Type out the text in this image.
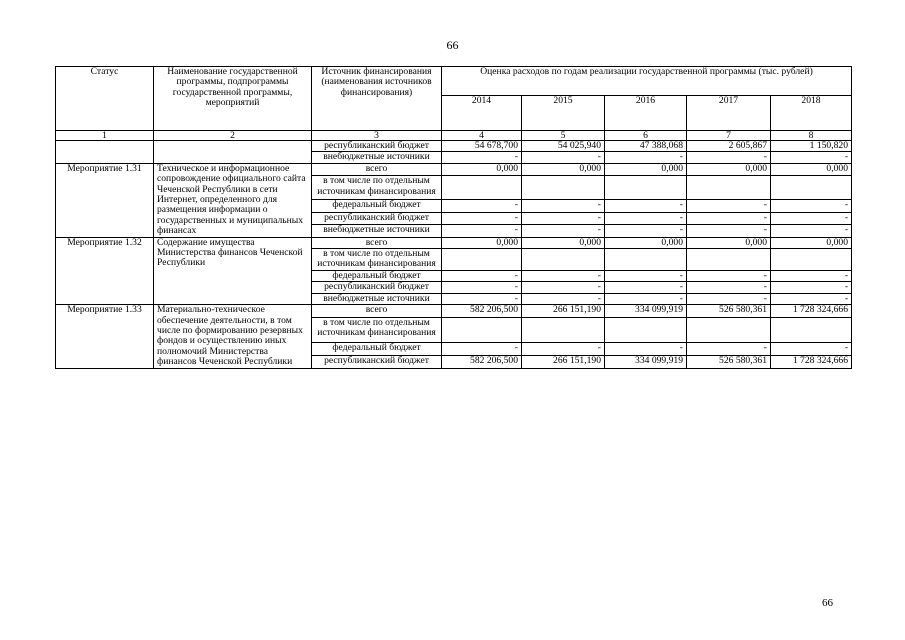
66
Статус	Наименование государственной программы, подпрограммы государственной программы, мероприятий	Источник финансирования (наименования источников финансирования)	Оценка расходов по годам реализации государственной программы (тыс. рублей)				
			2014	2015	2016	2017	2018
1	2	3	4	5	6	7	8
		республиканский бюджет	54 678,700	54 025,940	47 388,068	2 605,867	1 150,820
		внебюджетные источники	-	-	-	-	-
Мероприятие 1.31	Техническое и информационное сопровождение официального сайта Чеченской Республики в сети Интернет, определенного для размещения информации о государственных и муниципальных финансах	всего	0,000	0,000	0,000	0,000	0,000
		в том числе по отдельным источникам финансирования					
		федеральный бюджет	-	-	-	-	-
		республиканский бюджет	-	-	-	-	-
		внебюджетные источники	-	-	-	-	-
Мероприятие 1.32	Содержание имущества Министерства финансов Чеченской Республики	всего	0,000	0,000	0,000	0,000	0,000
		в том числе по отдельным источникам финансирования					
		федеральный бюджет	-	-	-	-	-
		республиканский бюджет	-	-	-	-	-
		внебюджетные источники	-	-	-	-	-
Мероприятие 1.33	Материально-техническое обеспечение деятельности, в том числе по формированию резервных фондов и осуществлению иных полномочий Министерства финансов Чеченской Республики	всего	582 206,500	266 151,190	334 099,919	526 580,361	1 728 324,666
		в том числе по отдельным источникам финансирования					
		федеральный бюджет	-	-	-	-	-
		республиканский бюджет	582 206,500	266 151,190	334 099,919	526 580,361	1 728 324,666
66
